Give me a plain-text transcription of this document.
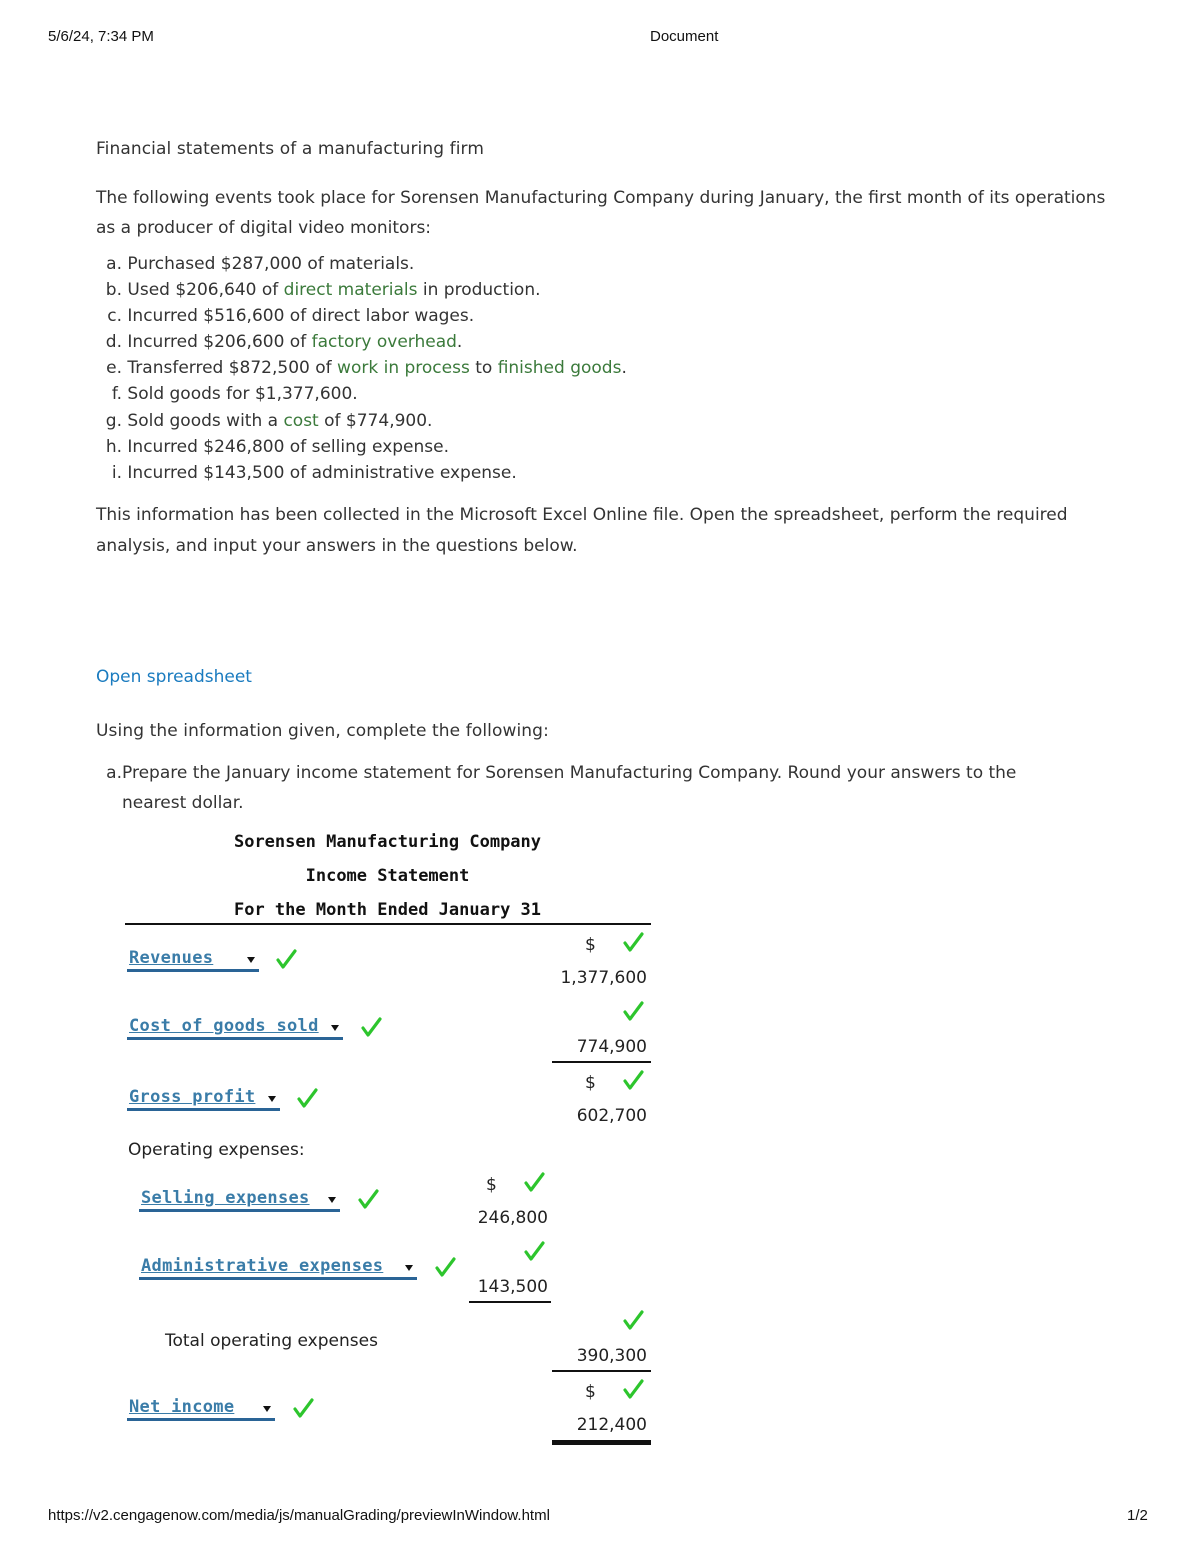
5/6/24, 7:34 PM	Document
https://v2.cengagenow.com/media/js/manualGrading/previewInWindow.html	1/2
Financial statements of a manufacturing firm
The following events took place for Sorensen Manufacturing Company during January, the first month of its operations as a producer of digital video monitors:
a. Purchased $287,000 of materials.
b. Used $206,640 of direct materials in production.
c. Incurred $516,600 of direct labor wages.
d. Incurred $206,600 of factory overhead.
e. Transferred $872,500 of work in process to finished goods.
f. Sold goods for $1,377,600.
g. Sold goods with a cost of $774,900.
h. Incurred $246,800 of selling expense.
i. Incurred $143,500 of administrative expense.
This information has been collected in the Microsoft Excel Online file. Open the spreadsheet, perform the required analysis, and input your answers in the questions below.
Open spreadsheet
Using the information given, complete the following:
a. Prepare the January income statement for Sorensen Manufacturing Company. Round your answers to the nearest dollar.
Sorensen Manufacturing Company
Income Statement
For the Month Ended January 31
Revenues
$
1,377,600
Cost of goods sold
774,900
Gross profit
$
602,700
Operating expenses:
Selling expenses
$
246,800
Administrative expenses
143,500
Total operating expenses
390,300
Net income
$
212,400
